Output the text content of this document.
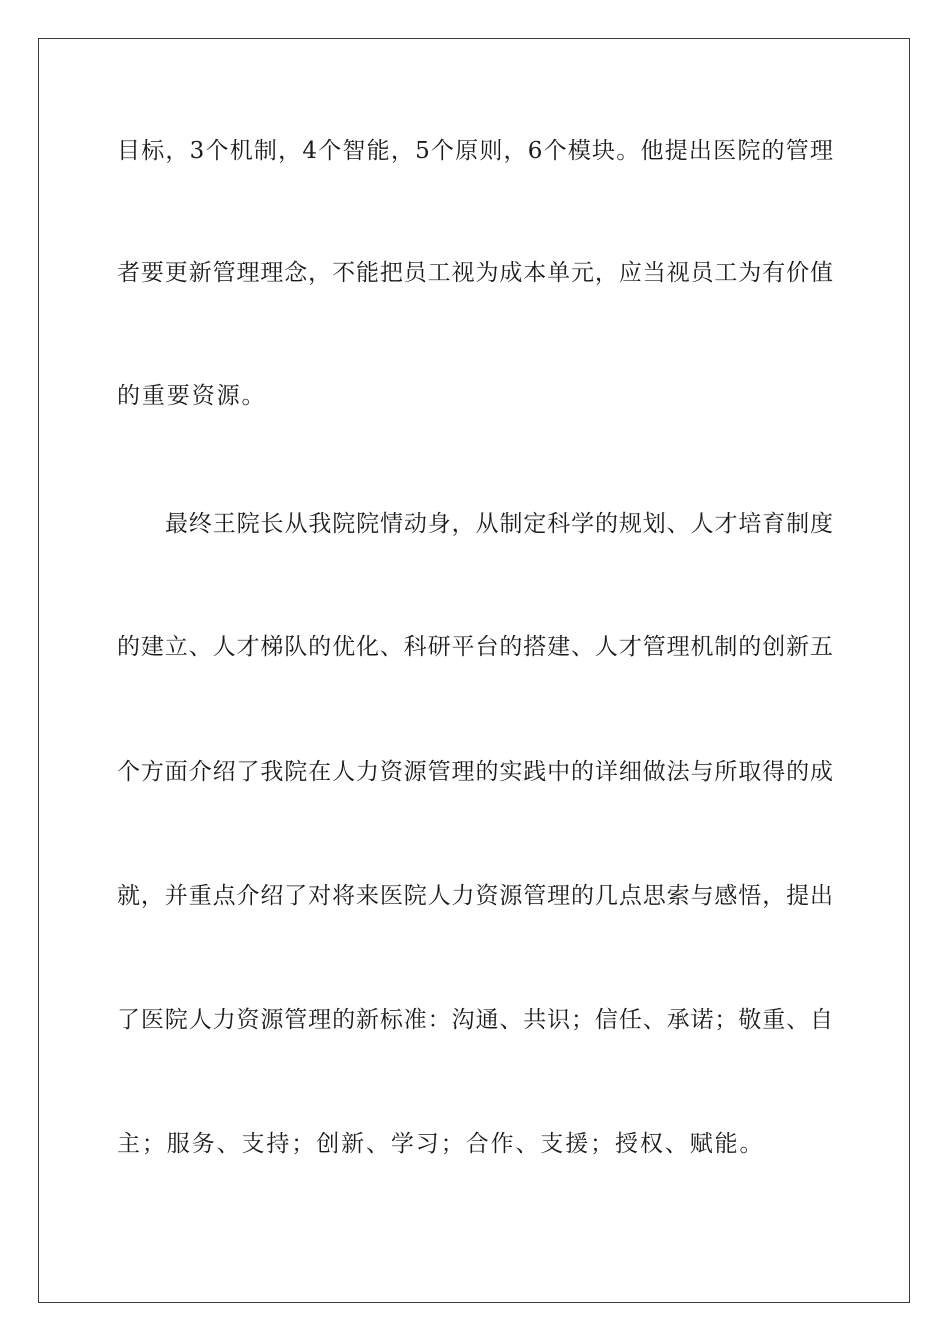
目标，3个机制，4个智能，5个原则，6个模块。他提出医院的管理
者要更新管理理念，不能把员工视为成本单元，应当视员工为有价值
的重要资源。
最终王院长从我院院情动身，从制定科学的规划、人才培育制度
的建立、人才梯队的优化、科研平台的搭建、人才管理机制的创新五
个方面介绍了我院在人力资源管理的实践中的详细做法与所取得的成
就，并重点介绍了对将来医院人力资源管理的几点思索与感悟，提出
了医院人力资源管理的新标准：沟通、共识；信任、承诺；敬重、自
主；服务、支持；创新、学习；合作、支援；授权、赋能。
